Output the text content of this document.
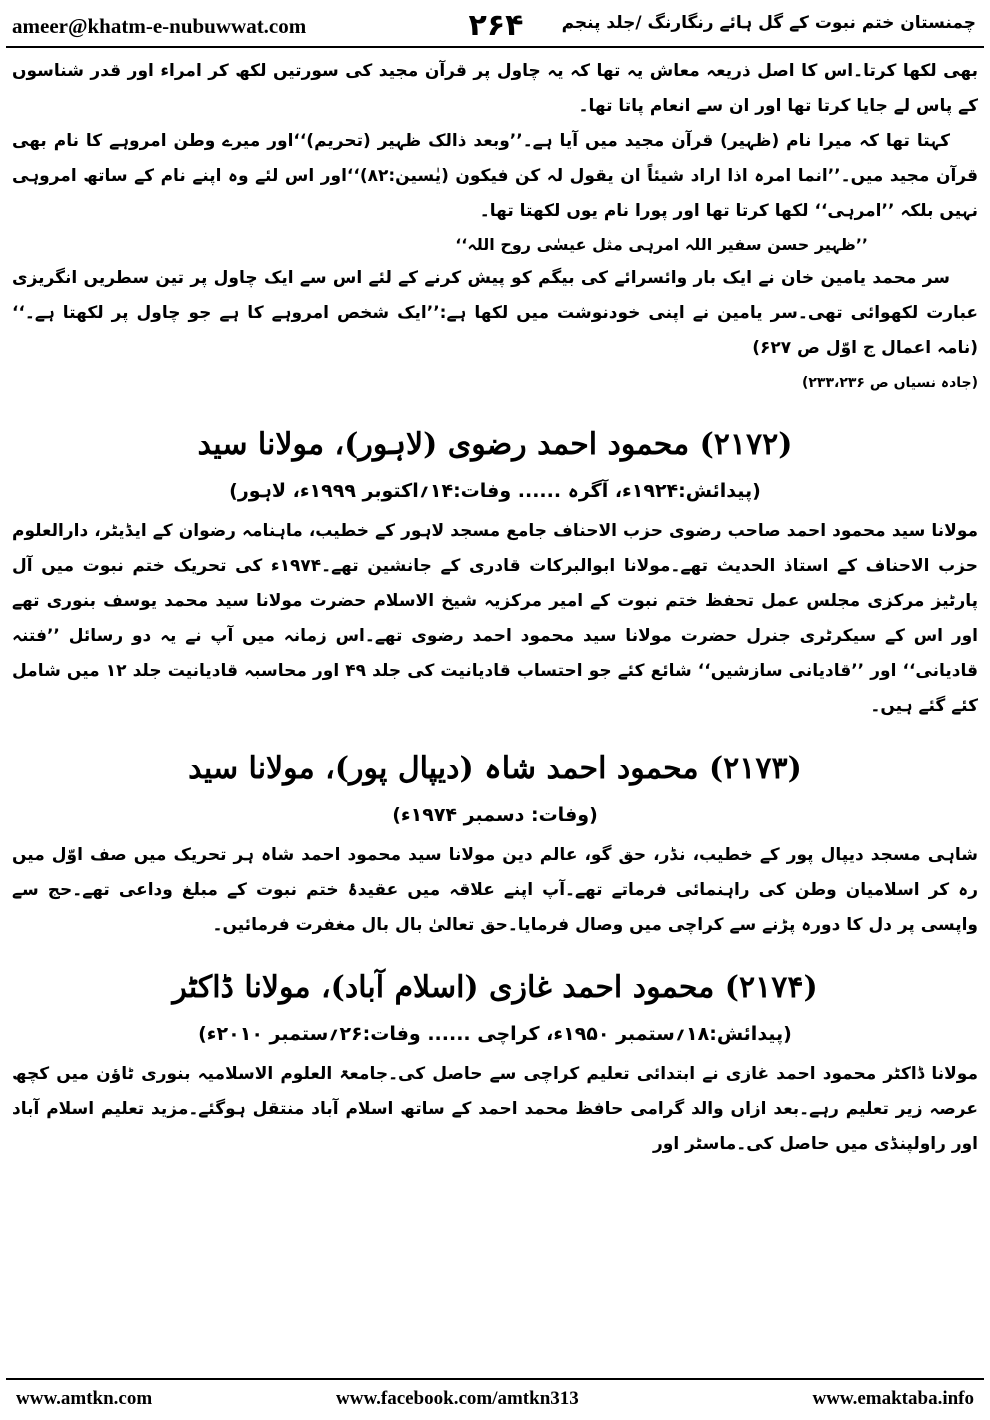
ameer@khatm-e-nubuwwat.com	۲۶۴	چمنستان ختم نبوت کے گل ہائے رنگارنگ /جلد پنجم

بھی لکھا کرتا۔اس کا اصل ذریعہ معاش یہ تھا کہ یہ چاول پر قرآن مجید کی سورتیں لکھ کر امراء اور قدر شناسوں کے پاس لے جایا کرتا تھا اور ان سے انعام پاتا تھا۔

کہتا تھا کہ میرا نام (ظہیر) قرآن مجید میں آیا ہے۔’’وبعد ذالک ظہیر (تحریم)‘‘اور میرے وطن امروہے کا نام بھی قرآن مجید میں۔’’انما امرہ اذا اراد شیئاً ان یقول لہ کن فیکون (یٰسین:۸۲)‘‘اور اس لئے وہ اپنے نام کے ساتھ امروہی نہیں بلکہ ’’امرہی‘‘ لکھا کرتا تھا اور پورا نام یوں لکھتا تھا۔

’’ظہیر حسن سفیر اللہ امرہی مثل عیسٰی روح اللہ‘‘

سر محمد یامین خان نے ایک بار وائسرائے کی بیگم کو پیش کرنے کے لئے اس سے ایک چاول پر تین سطریں انگریزی عبارت لکھوائی تھی۔سر یامین نے اپنی خودنوشت میں لکھا ہے:’’ایک شخص امروہے کا ہے جو چاول پر لکھتا ہے۔‘‘ (نامہ اعمال ج اوّل ص ۶۲۷)

(جادہ نسیاں ص ۲۳۳،۲۳۶)

(۲۱۷۲) محمود احمد رضوی (لاہور)، مولانا سید
(پیدائش:۱۹۲۴ء، آگرہ ...... وفات:۱۴؍اکتوبر ۱۹۹۹ء، لاہور)

مولانا سید محمود احمد صاحب رضوی حزب الاحناف جامع مسجد لاہور کے خطیب، ماہنامہ رضوان کے ایڈیٹر، دارالعلوم حزب الاحناف کے استاذ الحدیث تھے۔مولانا ابوالبرکات قادری کے جانشین تھے۔۱۹۷۴ء کی تحریک ختم نبوت میں آل پارٹیز مرکزی مجلس عمل تحفظ ختم نبوت کے امیر مرکزیہ شیخ الاسلام حضرت مولانا سید محمد یوسف بنوری تھے اور اس کے سیکرٹری جنرل حضرت مولانا سید محمود احمد رضوی تھے۔اس زمانہ میں آپ نے یہ دو رسائل ’’فتنہ قادیانی‘‘ اور ’’قادیانی سازشیں‘‘ شائع کئے جو احتساب قادیانیت کی جلد ۴۹ اور محاسبہ قادیانیت جلد ۱۲ میں شامل کئے گئے ہیں۔

(۲۱۷۳) محمود احمد شاہ (دیپال پور)، مولانا سید
(وفات: دسمبر ۱۹۷۴ء)

شاہی مسجد دیپال پور کے خطیب، نڈر، حق گو، عالم دین مولانا سید محمود احمد شاہ ہر تحریک میں صف اوّل میں رہ کر اسلامیان وطن کی راہنمائی فرماتے تھے۔آپ اپنے علاقہ میں عقیدۂ ختم نبوت کے مبلغ وداعی تھے۔حج سے واپسی پر دل کا دورہ پڑنے سے کراچی میں وصال فرمایا۔حق تعالیٰ بال بال مغفرت فرمائیں۔

(۲۱۷۴) محمود احمد غازی (اسلام آباد)، مولانا ڈاکٹر
(پیدائش:۱۸؍ستمبر ۱۹۵۰ء، کراچی ...... وفات:۲۶؍ستمبر ۲۰۱۰ء)

مولانا ڈاکٹر محمود احمد غازی نے ابتدائی تعلیم کراچی سے حاصل کی۔جامعۃ العلوم الاسلامیہ بنوری ٹاؤن میں کچھ عرصہ زیر تعلیم رہے۔بعد ازاں والد گرامی حافظ محمد احمد کے ساتھ اسلام آباد منتقل ہوگئے۔مزید تعلیم اسلام آباد اور راولپنڈی میں حاصل کی۔ماسٹر اور

www.amtkn.com	www.facebook.com/amtkn313	www.emaktaba.info
